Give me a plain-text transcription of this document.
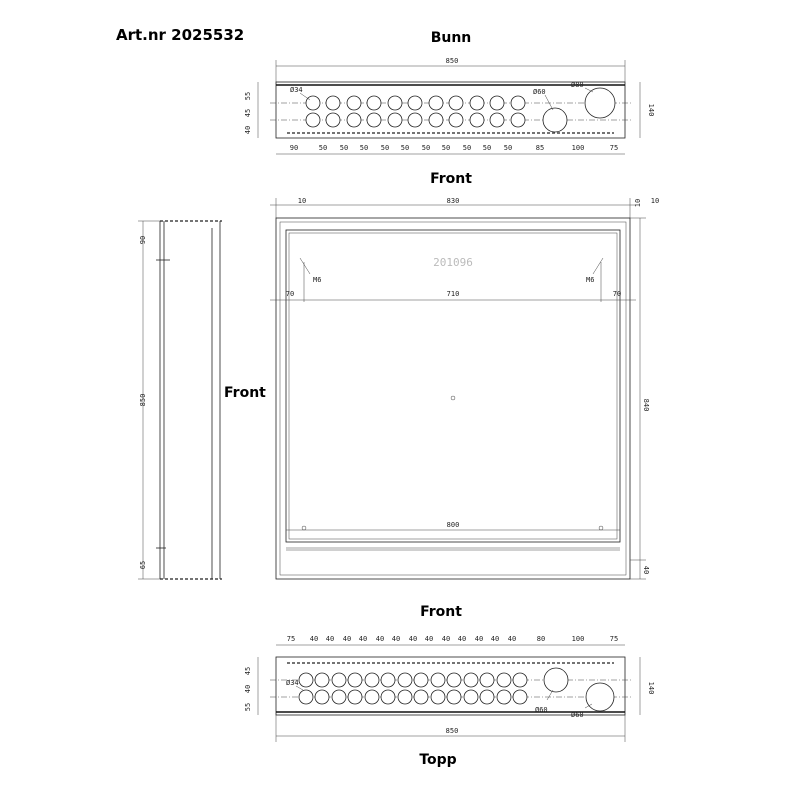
Art.nr 2025532	Bunn
Front
Front
Front
Topp
850
Ø34	Ø60
Ø80
55
45
40
140
90	50 50 50 50 50 50 50 50 50 50	85	100	75
90
850
65
10	830	10 10
201096
M6	M6
70	710	70
800
840
40
75 40 40 40 40 40 40 40 40 40 40 40 40 40	80	100	75
Ø34
Ø60
Ø60
45
40
55
140
850
